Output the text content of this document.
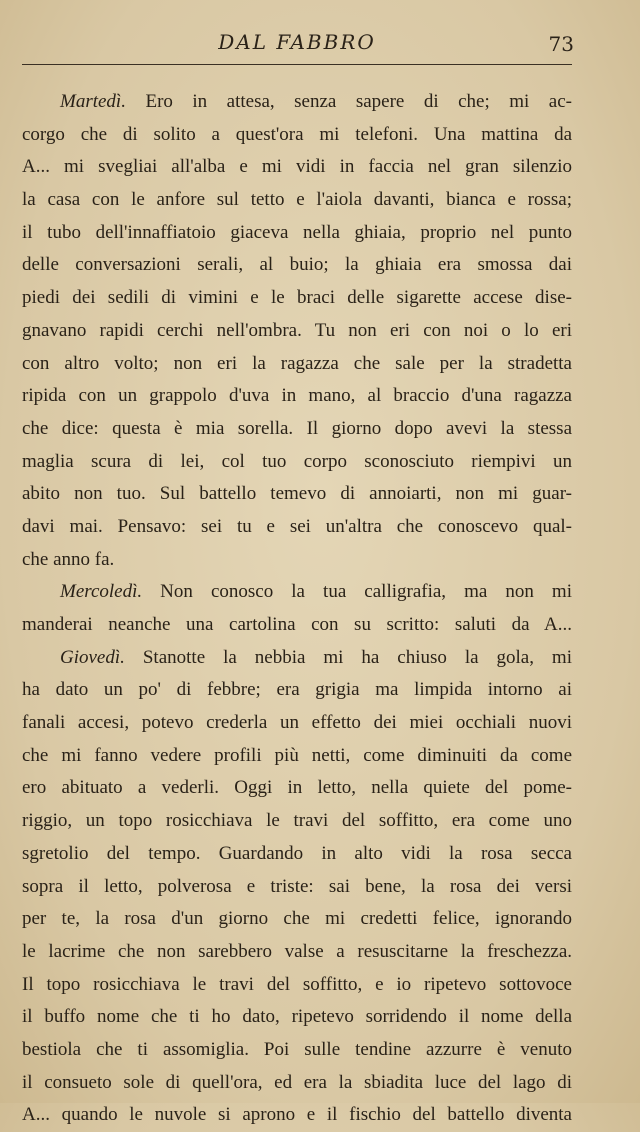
DAL FABBRO	73
Martedì. Ero in attesa, senza sapere di che; mi ac-
corgo che di solito a quest'ora mi telefoni. Una mattina da
A... mi svegliai all'alba e mi vidi in faccia nel gran silenzio
la casa con le anfore sul tetto e l'aiola davanti, bianca e rossa;
il tubo dell'innaffiatoio giaceva nella ghiaia, proprio nel punto
delle conversazioni serali, al buio; la ghiaia era smossa dai
piedi dei sedili di vimini e le braci delle sigarette accese dise-
gnavano rapidi cerchi nell'ombra. Tu non eri con noi o lo eri
con altro volto; non eri la ragazza che sale per la stradetta
ripida con un grappolo d'uva in mano, al braccio d'una ragazza
che dice: questa è mia sorella. Il giorno dopo avevi la stessa
maglia scura di lei, col tuo corpo sconosciuto riempivi un
abito non tuo. Sul battello temevo di annoiarti, non mi guar-
davi mai. Pensavo: sei tu e sei un'altra che conoscevo qual-
che anno fa.
Mercoledì. Non conosco la tua calligrafia, ma non mi
manderai neanche una cartolina con su scritto: saluti da A...
Giovedì. Stanotte la nebbia mi ha chiuso la gola, mi
ha dato un po' di febbre; era grigia ma limpida intorno ai
fanali accesi, potevo crederla un effetto dei miei occhiali nuovi
che mi fanno vedere profili più netti, come diminuiti da come
ero abituato a vederli. Oggi in letto, nella quiete del pome-
riggio, un topo rosicchiava le travi del soffitto, era come uno
sgretolio del tempo. Guardando in alto vidi la rosa secca
sopra il letto, polverosa e triste: sai bene, la rosa dei versi
per te, la rosa d'un giorno che mi credetti felice, ignorando
le lacrime che non sarebbero valse a resuscitarne la freschezza.
Il topo rosicchiava le travi del soffitto, e io ripetevo sottovoce
il buffo nome che ti ho dato, ripetevo sorridendo il nome della
bestiola che ti assomiglia. Poi sulle tendine azzurre è venuto
il consueto sole di quell'ora, ed era la sbiadita luce del lago di
A... quando le nuvole si aprono e il fischio del battello diventa
